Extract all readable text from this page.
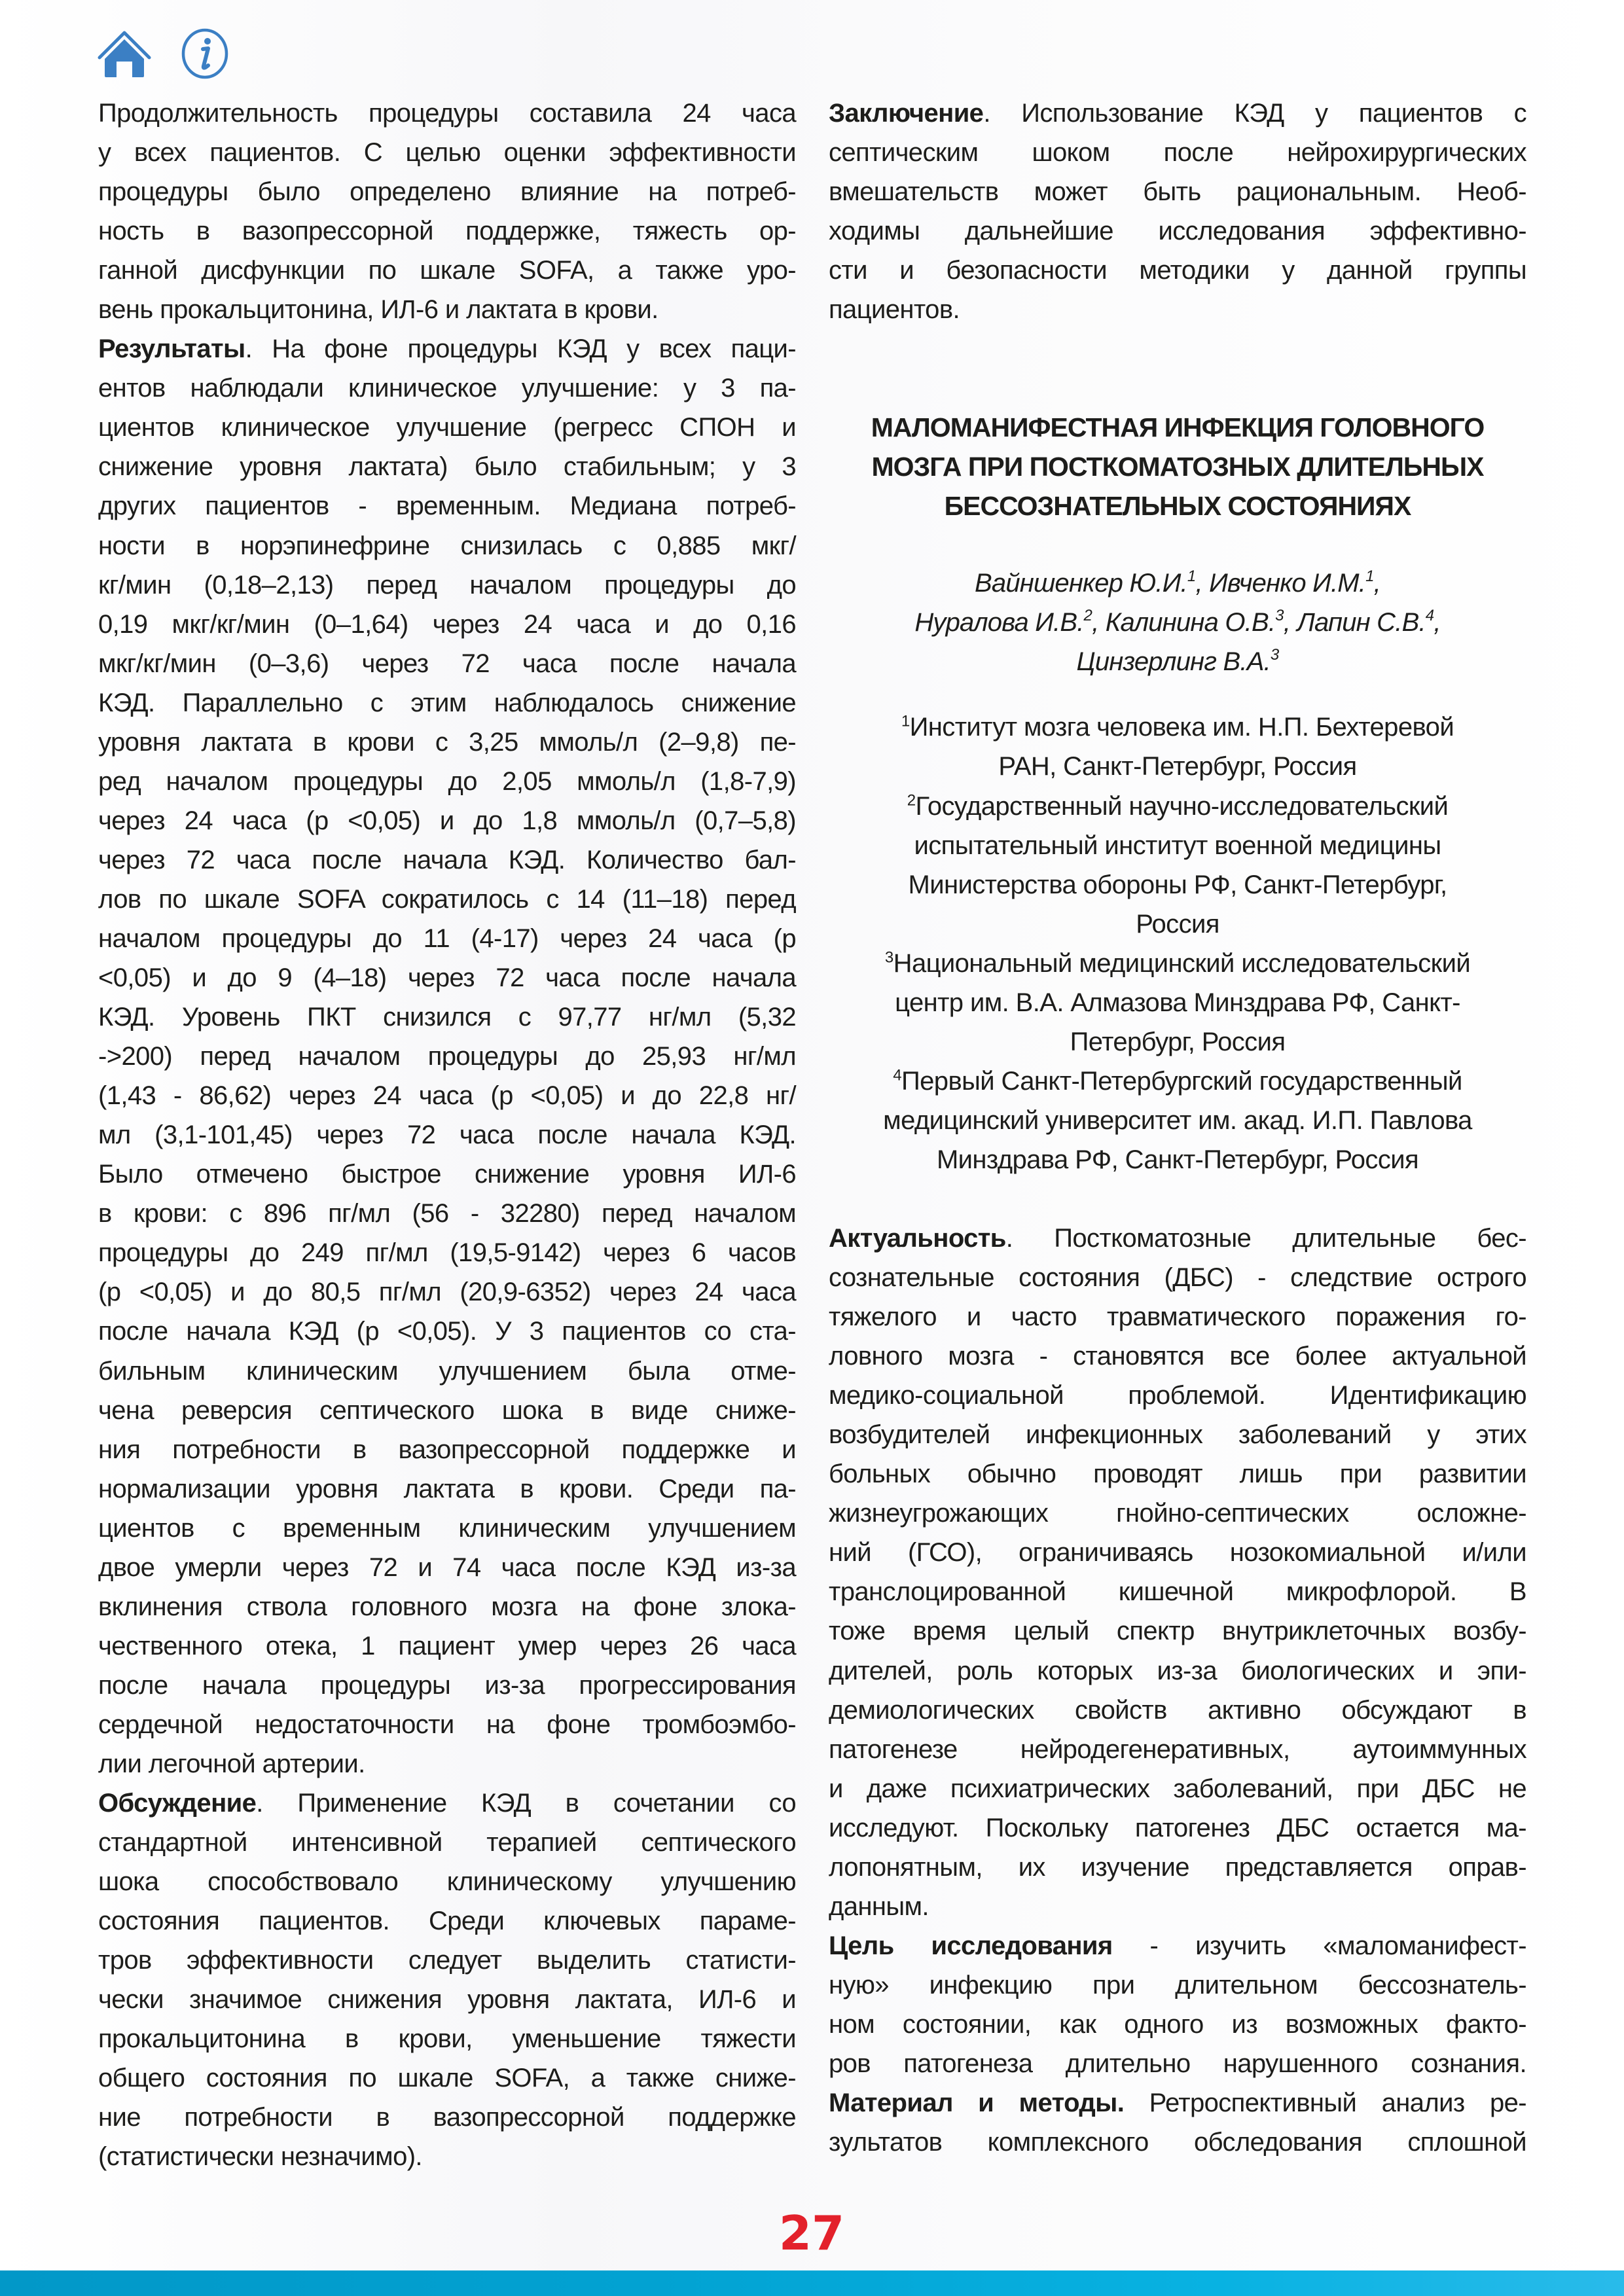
Продолжительность процедуры составила 24 часа
у всех пациентов. С целью оценки эффективности
процедуры было определено влияние на потреб-
ность в вазопрессорной поддержке, тяжесть ор-
ганной дисфункции по шкале SOFA, а также уро-
вень прокальцитонина, ИЛ-6 и лактата в крови.
Результаты. На фоне процедуры КЭД у всех паци-
ентов наблюдали клиническое улучшение: у 3 па-
циентов клиническое улучшение (регресс СПОН и
снижение уровня лактата) было стабильным; у 3
других пациентов - временным. Медиана потреб-
ности в норэпинефрине снизилась с 0,885 мкг/
кг/мин (0,18–2,13) перед началом процедуры до
0,19 мкг/кг/мин (0–1,64) через 24 часа и до 0,16
мкг/кг/мин (0–3,6) через 72 часа после начала
КЭД. Параллельно с этим наблюдалось снижение
уровня лактата в крови с 3,25 ммоль/л (2–9,8) пе-
ред началом процедуры до 2,05 ммоль/л (1,8-7,9)
через 24 часа (p <0,05) и до 1,8 ммоль/л (0,7–5,8)
через 72 часа после начала КЭД. Количество бал-
лов по шкале SOFA сократилось с 14 (11–18) перед
началом процедуры до 11 (4-17) через 24 часа (p
<0,05) и до 9 (4–18) через 72 часа после начала
КЭД. Уровень ПКТ снизился с 97,77 нг/мл (5,32
->200) перед началом процедуры до 25,93 нг/мл
(1,43 - 86,62) через 24 часа (p <0,05) и до 22,8 нг/
мл (3,1-101,45) через 72 часа после начала КЭД.
Было отмечено быстрое снижение уровня ИЛ-6
в крови: с 896 пг/мл (56 - 32280) перед началом
процедуры до 249 пг/мл (19,5-9142) через 6 часов
(p <0,05) и до 80,5 пг/мл (20,9-6352) через 24 часа
после начала КЭД (p <0,05). У 3 пациентов со ста-
бильным клиническим улучшением была отме-
чена реверсия септического шока в виде сниже-
ния потребности в вазопрессорной поддержке и
нормализации уровня лактата в крови. Среди па-
циентов с временным клиническим улучшением
двое умерли через 72 и 74 часа после КЭД из-за
вклинения ствола головного мозга на фоне злока-
чественного отека, 1 пациент умер через 26 часа
после начала процедуры из-за прогрессирования
сердечной недостаточности на фоне тромбоэмбо-
лии легочной артерии.
Обсуждение. Применение КЭД в сочетании со
стандартной интенсивной терапией септического
шока способствовало клиническому улучшению
состояния пациентов. Среди ключевых параме-
тров эффективности следует выделить статисти-
чески значимое снижения уровня лактата, ИЛ-6 и
прокальцитонина в крови, уменьшение тяжести
общего состояния по шкале SOFA, а также сниже-
ние потребности в вазопрессорной поддержке
(статистически незначимо).
Заключение. Использование КЭД у пациентов с
септическим шоком после нейрохирургических
вмешательств может быть рациональным. Необ-
ходимы дальнейшие исследования эффективно-
сти и безопасности методики у данной группы
пациентов.
МАЛОМАНИФЕСТНАЯ ИНФЕКЦИЯ ГОЛОВНОГО
МОЗГА ПРИ ПОСТКОМАТОЗНЫХ ДЛИТЕЛЬНЫХ
БЕССОЗНАТЕЛЬНЫХ СОСТОЯНИЯХ
Вайншенкер Ю.И.$^1$, Ивченко И.М.$^1$,
Нуралова И.В.$^2$, Калинина О.В.$^3$, Лапин С.В.$^4$,
Цинзерлинг В.А.$^3$
$^1$Институт мозга человека им. Н.П. Бехтеревой
РАН, Санкт-Петербург, Россия
$^2$Государственный научно-исследовательский
испытательный институт военной медицины
Министерства обороны РФ, Санкт-Петербург,
Россия
$^3$Национальный медицинский исследовательский
центр им. В.А. Алмазова Минздрава РФ, Санкт-
Петербург, Россия
$^4$Первый Санкт-Петербургский государственный
медицинский университет им. акад. И.П. Павлова
Минздрава РФ, Санкт-Петербург, Россия
Актуальность. Посткоматозные длительные бес-
сознательные состояния (ДБС) - следствие острого
тяжелого и часто травматического поражения го-
ловного мозга - становятся все более актуальной
медико-социальной проблемой. Идентификацию
возбудителей инфекционных заболеваний у этих
больных обычно проводят лишь при развитии
жизнеугрожающих гнойно-септических осложне-
ний (ГСО), ограничиваясь нозокомиальной и/или
транслоцированной кишечной микрофлорой. В
тоже время целый спектр внутриклеточных возбу-
дителей, роль которых из-за биологических и эпи-
демиологических свойств активно обсуждают в
патогенезе нейродегенеративных, аутоиммунных
и даже психиатрических заболеваний, при ДБС не
исследуют. Поскольку патогенез ДБС остается ма-
лопонятным, их изучение представляется оправ-
данным.
Цель исследования - изучить «маломанифест-
ную» инфекцию при длительном бессознатель-
ном состоянии, как одного из возможных факто-
ров патогенеза длительно нарушенного сознания.
Материал и методы. Ретроспективный анализ ре-
зультатов комплексного обследования сплошной
27
